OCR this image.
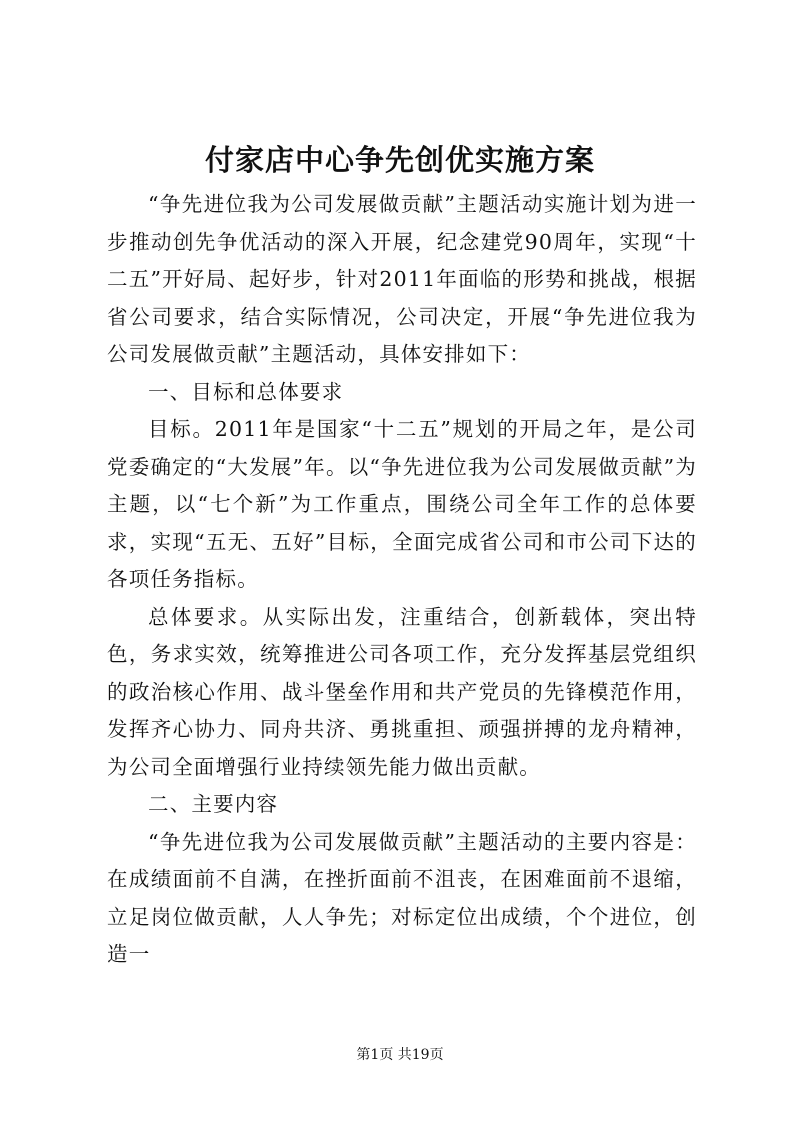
付家店中心争先创优实施方案

“争先进位我为公司发展做贡献”主题活动实施计划为进一步推动创先争优活动的深入开展，纪念建党90周年，实现“十二五”开好局、起好步，针对2011年面临的形势和挑战，根据省公司要求，结合实际情况，公司决定，开展“争先进位我为公司发展做贡献”主题活动，具体安排如下：

一、目标和总体要求

目标。2011年是国家“十二五”规划的开局之年，是公司党委确定的“大发展”年。以“争先进位我为公司发展做贡献”为主题，以“七个新”为工作重点，围绕公司全年工作的总体要求，实现“五无、五好”目标，全面完成省公司和市公司下达的各项任务指标。

总体要求。从实际出发，注重结合，创新载体，突出特色，务求实效，统筹推进公司各项工作，充分发挥基层党组织的政治核心作用、战斗堡垒作用和共产党员的先锋模范作用，发挥齐心协力、同舟共济、勇挑重担、顽强拼搏的龙舟精神，为公司全面增强行业持续领先能力做出贡献。

二、主要内容

“争先进位我为公司发展做贡献”主题活动的主要内容是：在成绩面前不自满，在挫折面前不沮丧，在困难面前不退缩，立足岗位做贡献，人人争先；对标定位出成绩，个个进位，创造一

第1页 共19页
